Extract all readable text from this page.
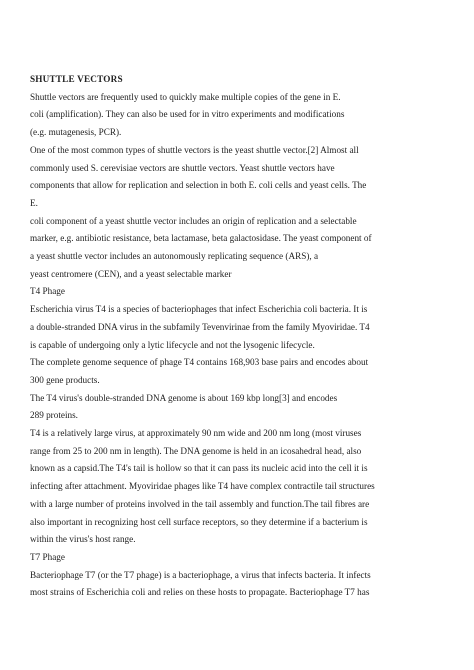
SHUTTLE VECTORS
Shuttle vectors are frequently used to quickly make multiple copies of the gene in E.
coli (amplification). They can also be used for in vitro experiments and modifications
(e.g. mutagenesis, PCR).
One of the most common types of shuttle vectors is the yeast shuttle vector.[2] Almost all
commonly used S. cerevisiae vectors are shuttle vectors. Yeast shuttle vectors have
components that allow for replication and selection in both E. coli cells and yeast cells. The
E.
coli component of a yeast shuttle vector includes an origin of replication and a selectable
marker, e.g. antibiotic resistance, beta lactamase, beta galactosidase. The yeast component of
a yeast shuttle vector includes an autonomously replicating sequence (ARS), a
yeast centromere (CEN), and a yeast selectable marker
T4 Phage
Escherichia virus T4 is a species of bacteriophages that infect Escherichia coli bacteria. It is
a double-stranded DNA virus in the subfamily Tevenvirinae from the family Myoviridae. T4
is capable of undergoing only a lytic lifecycle and not the lysogenic lifecycle.
The complete genome sequence of phage T4 contains 168,903 base pairs and encodes about
300 gene products.
The T4 virus's double-stranded DNA genome is about 169 kbp long[3] and encodes
289 proteins.
T4 is a relatively large virus, at approximately 90 nm wide and 200 nm long (most viruses
range from 25 to 200 nm in length). The DNA genome is held in an icosahedral head, also
known as a capsid.The T4's tail is hollow so that it can pass its nucleic acid into the cell it is
infecting after attachment. Myoviridae phages like T4 have complex contractile tail structures
with a large number of proteins involved in the tail assembly and function.The tail fibres are
also important in recognizing host cell surface receptors, so they determine if a bacterium is
within the virus's host range.
T7 Phage
Bacteriophage T7 (or the T7 phage) is a bacteriophage, a virus that infects bacteria. It infects
most strains of Escherichia coli and relies on these hosts to propagate. Bacteriophage T7 has
